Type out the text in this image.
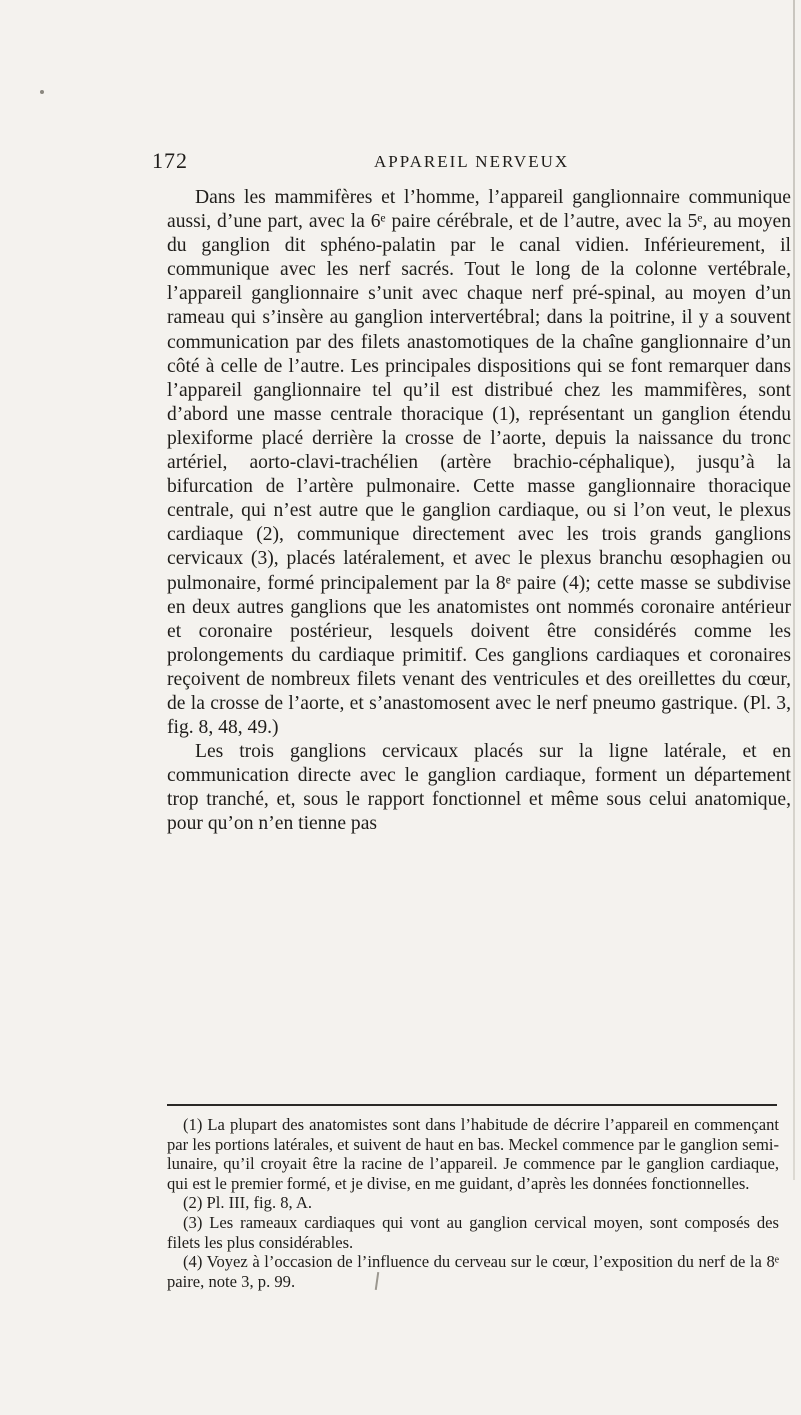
172	APPAREIL NERVEUX

Dans les mammifères et l’homme, l’appareil ganglionnaire communique aussi, d’une part, avec la 6ᵉ paire cérébrale, et de l’autre, avec la 5ᵉ, au moyen du ganglion dit sphéno-palatin par le canal vidien. Inférieurement, il communique avec les nerf sacrés. Tout le long de la colonne vertébrale, l’appareil ganglionnaire s’unit avec chaque nerf pré-spinal, au moyen d’un rameau qui s’insère au ganglion intervertébral; dans la poitrine, il y a souvent communication par des filets anastomotiques de la chaîne ganglionnaire d’un côté à celle de l’autre. Les principales dispositions qui se font remarquer dans l’appareil ganglionnaire tel qu’il est distribué chez les mammifères, sont d’abord une masse centrale thoracique (1), représentant un ganglion étendu plexiforme placé derrière la crosse de l’aorte, depuis la naissance du tronc artériel, aorto-clavi-trachélien (artère brachio-céphalique), jusqu’à la bifurcation de l’artère pulmonaire. Cette masse ganglionnaire thoracique centrale, qui n’est autre que le ganglion cardiaque, ou si l’on veut, le plexus cardiaque (2), communique directement avec les trois grands ganglions cervicaux (3), placés latéralement, et avec le plexus branchu œsophagien ou pulmonaire, formé principalement par la 8ᵉ paire (4); cette masse se subdivise en deux autres ganglions que les anatomistes ont nommés coronaire antérieur et coronaire postérieur, lesquels doivent être considérés comme les prolongements du cardiaque primitif. Ces ganglions cardiaques et coronaires reçoivent de nombreux filets venant des ventricules et des oreillettes du cœur, de la crosse de l’aorte, et s’anastomosent avec le nerf pneumo gastrique. (Pl. 3, fig. 8, 48, 49.)

Les trois ganglions cervicaux placés sur la ligne latérale, et en communication directe avec le ganglion cardiaque, forment un département trop tranché, et, sous le rapport fonctionnel et même sous celui anatomique, pour qu’on n’en tienne pas

(1) La plupart des anatomistes sont dans l’habitude de décrire l’appareil en commençant par les portions latérales, et suivent de haut en bas. Meckel commence par le ganglion semi-lunaire, qu’il croyait être la racine de l’appareil. Je commence par le ganglion cardiaque, qui est le premier formé, et je divise, en me guidant, d’après les données fonctionnelles.

(2) Pl. III, fig. 8, A.

(3) Les rameaux cardiaques qui vont au ganglion cervical moyen, sont composés des filets les plus considérables.

(4) Voyez à l’occasion de l’influence du cerveau sur le cœur, l’exposition du nerf de la 8ᵉ paire, note 3, p. 99.
